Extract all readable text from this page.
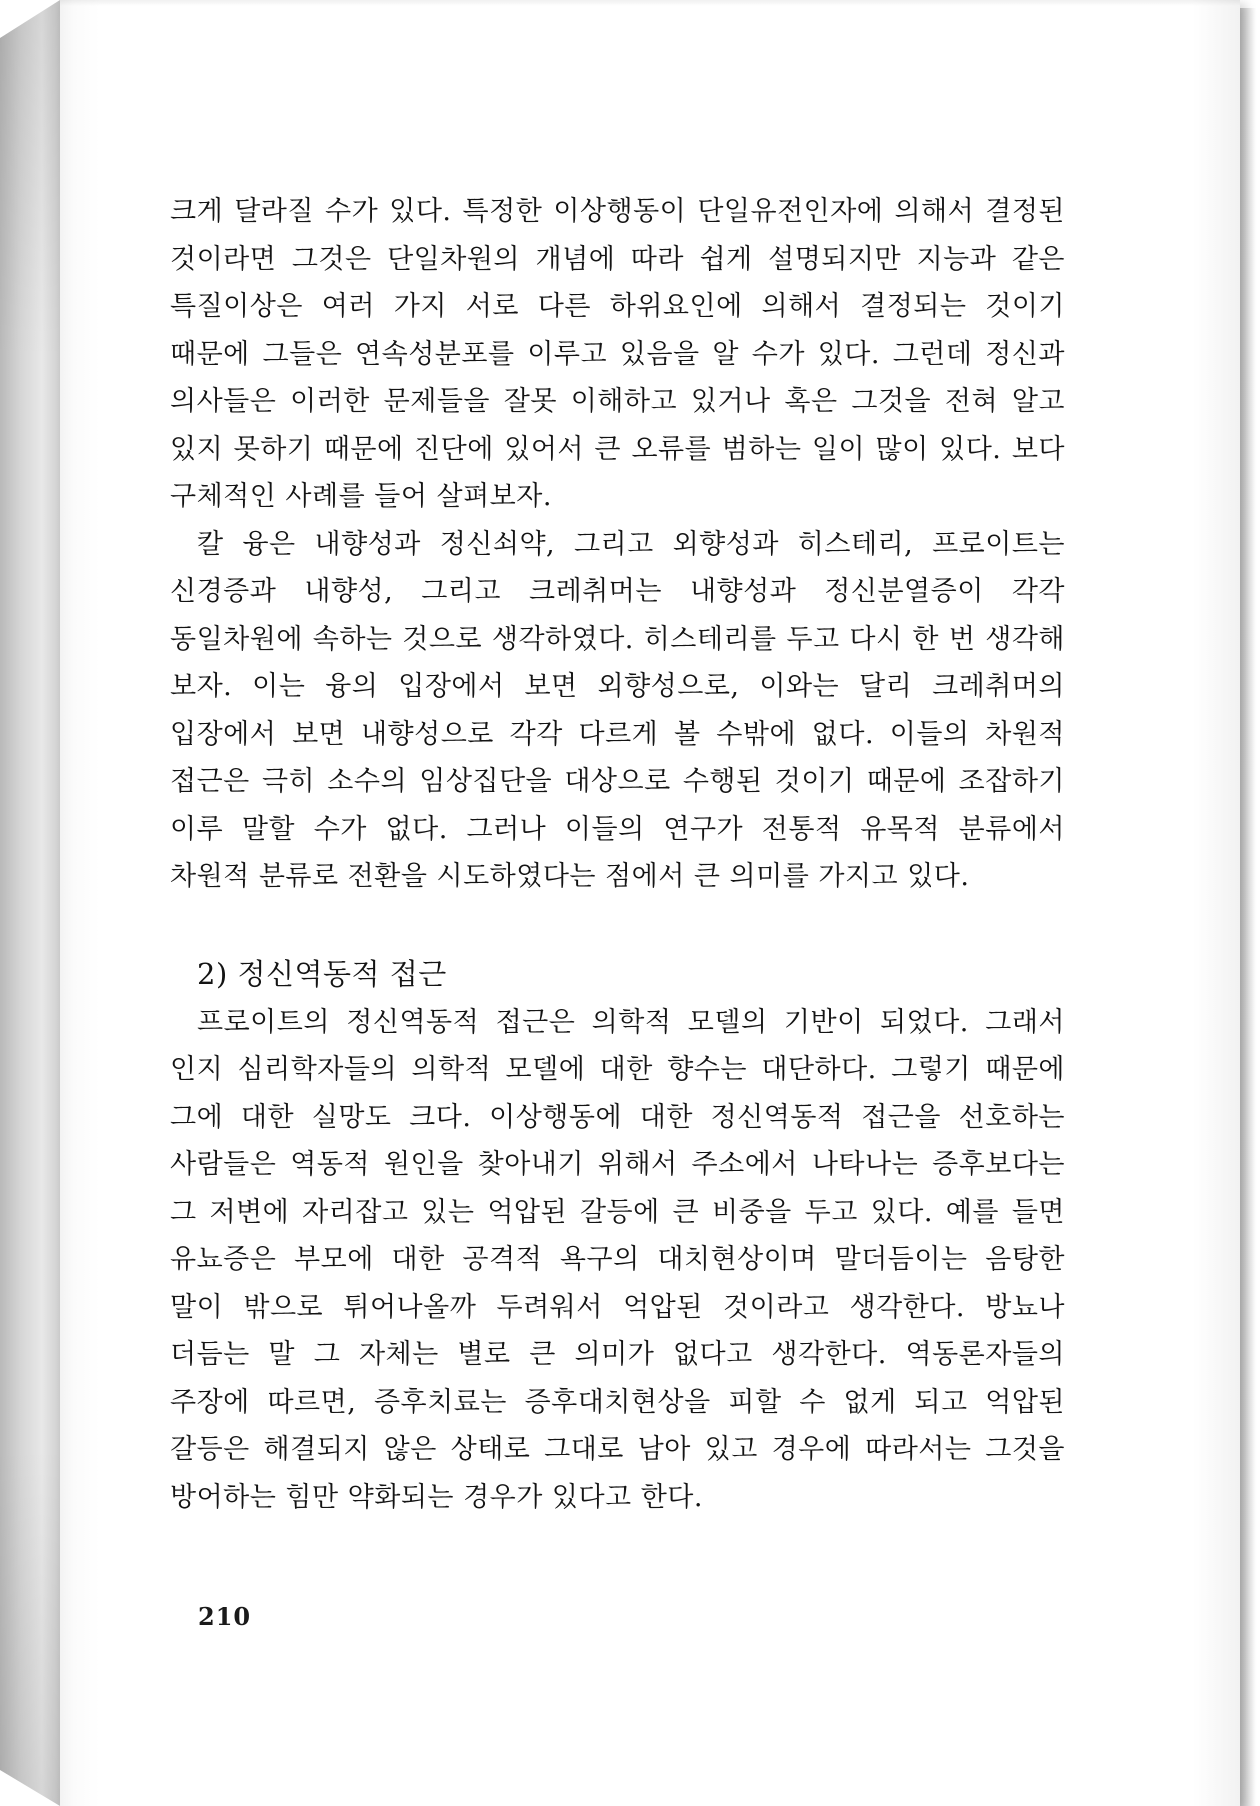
크게 달라질 수가 있다. 특정한 이상행동이 단일유전인자에 의해서 결정된 것이라면 그것은 단일차원의 개념에 따라 쉽게 설명되지만 지능과 같은 특질이상은 여러 가지 서로 다른 하위요인에 의해서 결정되는 것이기 때문에 그들은 연속성분포를 이루고 있음을 알 수가 있다. 그런데 정신과 의사들은 이러한 문제들을 잘못 이해하고 있거나 혹은 그것을 전혀 알고 있지 못하기 때문에 진단에 있어서 큰 오류를 범하는 일이 많이 있다. 보다 구체적인 사례를 들어 살펴보자.

칼 융은 내향성과 정신쇠약, 그리고 외향성과 히스테리, 프로이트는 신경증과 내향성, 그리고 크레취머는 내향성과 정신분열증이 각각 동일차원에 속하는 것으로 생각하였다. 히스테리를 두고 다시 한 번 생각해 보자. 이는 융의 입장에서 보면 외향성으로, 이와는 달리 크레취머의 입장에서 보면 내향성으로 각각 다르게 볼 수밖에 없다. 이들의 차원적 접근은 극히 소수의 임상집단을 대상으로 수행된 것이기 때문에 조잡하기 이루 말할 수가 없다. 그러나 이들의 연구가 전통적 유목적 분류에서 차원적 분류로 전환을 시도하였다는 점에서 큰 의미를 가지고 있다.

2) 정신역동적 접근

프로이트의 정신역동적 접근은 의학적 모델의 기반이 되었다. 그래서 인지 심리학자들의 의학적 모델에 대한 향수는 대단하다. 그렇기 때문에 그에 대한 실망도 크다. 이상행동에 대한 정신역동적 접근을 선호하는 사람들은 역동적 원인을 찾아내기 위해서 주소에서 나타나는 증후보다는 그 저변에 자리잡고 있는 억압된 갈등에 큰 비중을 두고 있다. 예를 들면 유뇨증은 부모에 대한 공격적 욕구의 대치현상이며 말더듬이는 음탕한 말이 밖으로 튀어나올까 두려워서 억압된 것이라고 생각한다. 방뇨나 더듬는 말 그 자체는 별로 큰 의미가 없다고 생각한다. 역동론자들의 주장에 따르면, 증후치료는 증후대치현상을 피할 수 없게 되고 억압된 갈등은 해결되지 않은 상태로 그대로 남아 있고 경우에 따라서는 그것을 방어하는 힘만 약화되는 경우가 있다고 한다.

210
